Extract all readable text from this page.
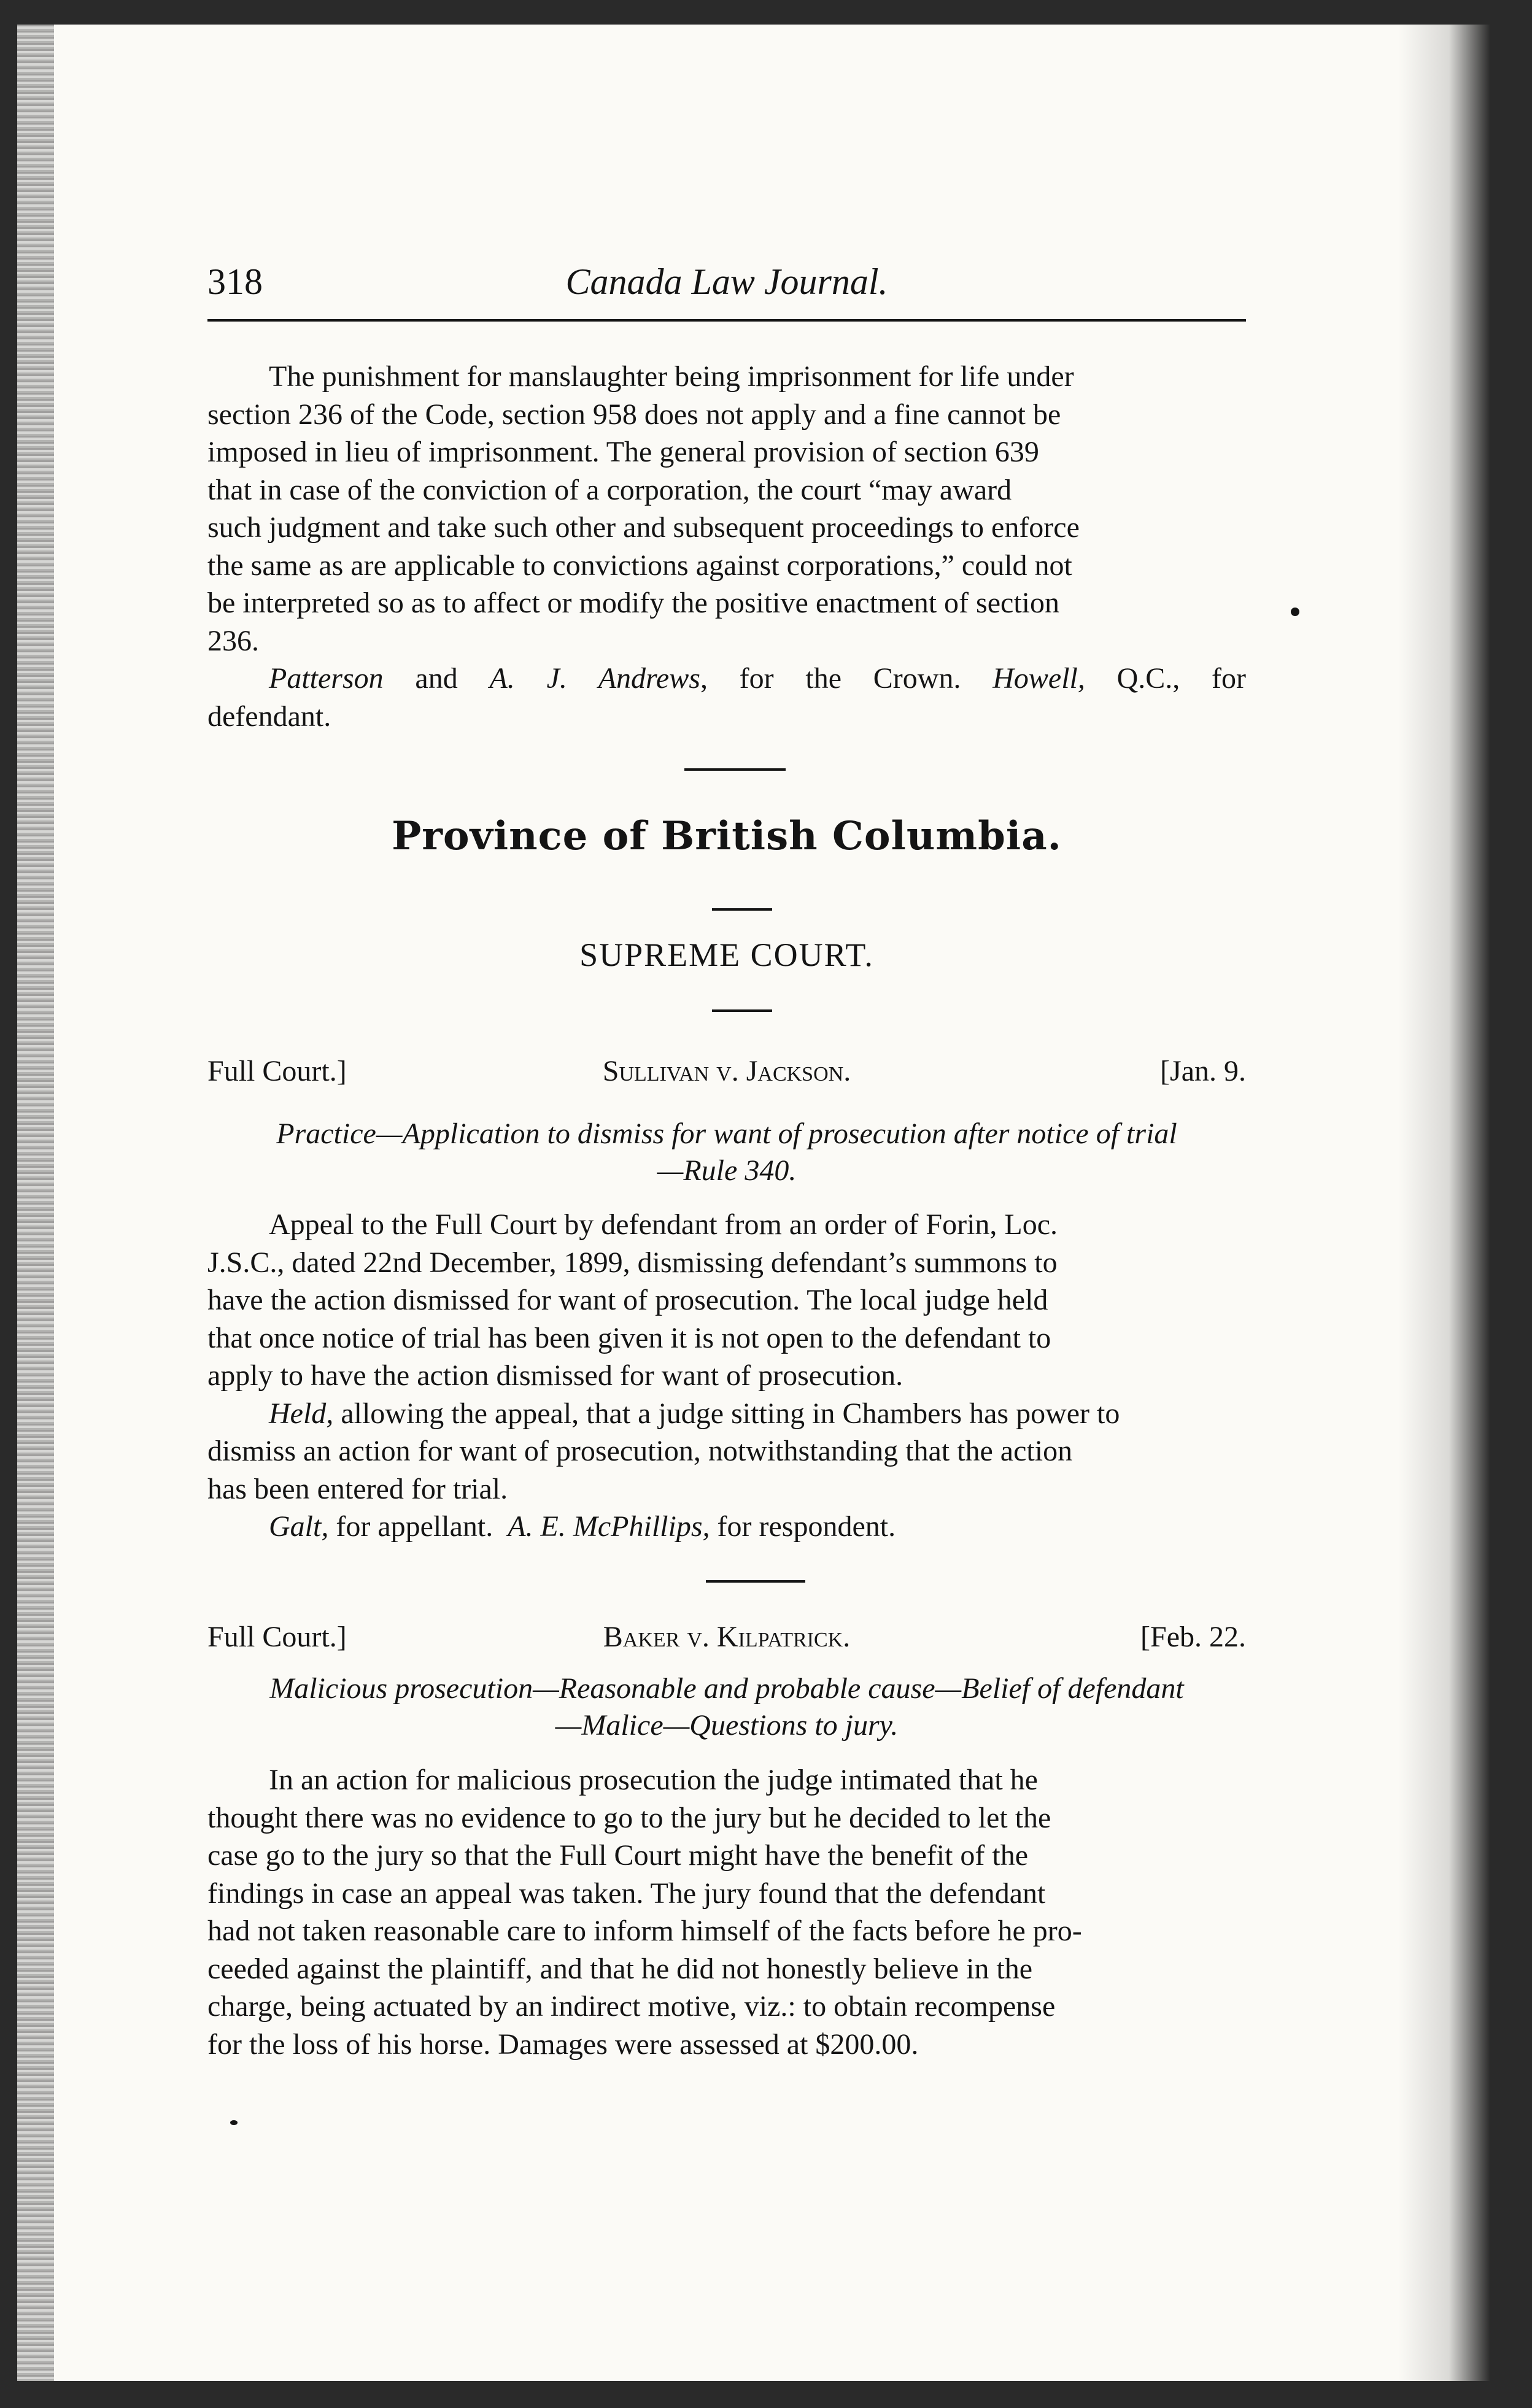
318	Canada Law Journal.

The punishment for manslaughter being imprisonment for life under

section 236 of the Code, section 958 does not apply and a fine cannot be

imposed in lieu of imprisonment. The general provision of section 639

that in case of the conviction of a corporation, the court “may award

such judgment and take such other and subsequent proceedings to enforce

the same as are applicable to convictions against corporations,” could not

be interpreted so as to affect or modify the positive enactment of section

236.

Patterson and A. J. Andrews, for the Crown. Howell, Q.C., for

defendant.

Province of British Columbia.
SUPREME COURT.
Full Court.]	Sullivan v. Jackson.	[Jan. 9.
Practice—Application to dismiss for want of prosecution after notice of trial
—Rule 340.

Appeal to the Full Court by defendant from an order of Forin, Loc.

J.S.C., dated 22nd December, 1899, dismissing defendant’s summons to

have the action dismissed for want of prosecution. The local judge held

that once notice of trial has been given it is not open to the defendant to

apply to have the action dismissed for want of prosecution.

Held, allowing the appeal, that a judge sitting in Chambers has power to

dismiss an action for want of prosecution, notwithstanding that the action

has been entered for trial.

Galt, for appellant. A. E. McPhillips, for respondent.

Full Court.]	Baker v. Kilpatrick.	[Feb. 22.
Malicious prosecution—Reasonable and probable cause—Belief of defendant
—Malice—Questions to jury.

In an action for malicious prosecution the judge intimated that he

thought there was no evidence to go to the jury but he decided to let the

case go to the jury so that the Full Court might have the benefit of the

findings in case an appeal was taken. The jury found that the defendant

had not taken reasonable care to inform himself of the facts before he pro-

ceeded against the plaintiff, and that he did not honestly believe in the

charge, being actuated by an indirect motive, viz.: to obtain recompense

for the loss of his horse. Damages were assessed at $200.00.
